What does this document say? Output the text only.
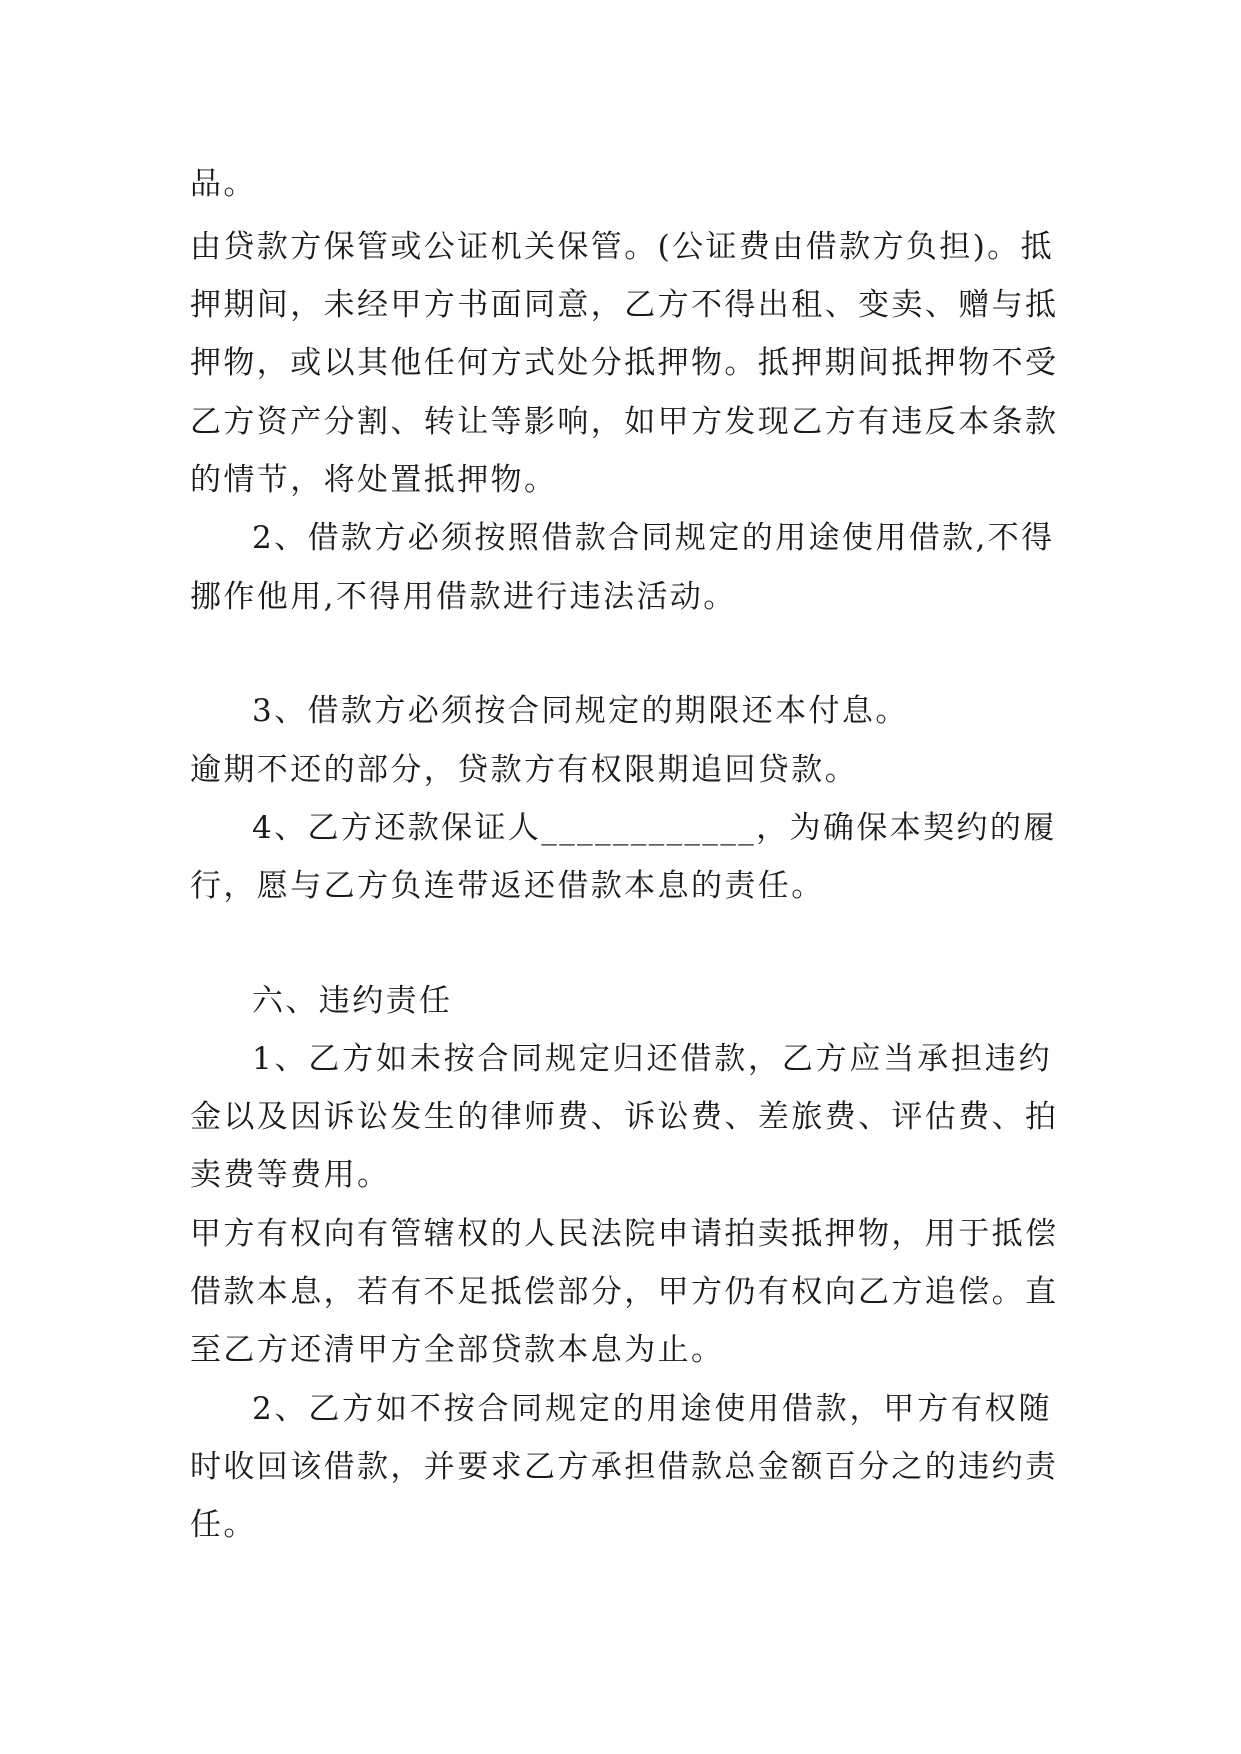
品。
由贷款方保管或公证机关保管。(公证费由借款方负担)。抵
押期间，未经甲方书面同意，乙方不得出租、变卖、赠与抵
押物，或以其他任何方式处分抵押物。抵押期间抵押物不受
乙方资产分割、转让等影响，如甲方发现乙方有违反本条款
的情节，将处置抵押物。
2、借款方必须按照借款合同规定的用途使用借款,不得
挪作他用,不得用借款进行违法活动。
3、借款方必须按合同规定的期限还本付息。
逾期不还的部分，贷款方有权限期追回贷款。
4、乙方还款保证人____________，为确保本契约的履
行，愿与乙方负连带返还借款本息的责任。
六、违约责任
1、乙方如未按合同规定归还借款，乙方应当承担违约
金以及因诉讼发生的律师费、诉讼费、差旅费、评估费、拍
卖费等费用。
甲方有权向有管辖权的人民法院申请拍卖抵押物，用于抵偿
借款本息，若有不足抵偿部分，甲方仍有权向乙方追偿。直
至乙方还清甲方全部贷款本息为止。
2、乙方如不按合同规定的用途使用借款，甲方有权随
时收回该借款，并要求乙方承担借款总金额百分之的违约责
任。
